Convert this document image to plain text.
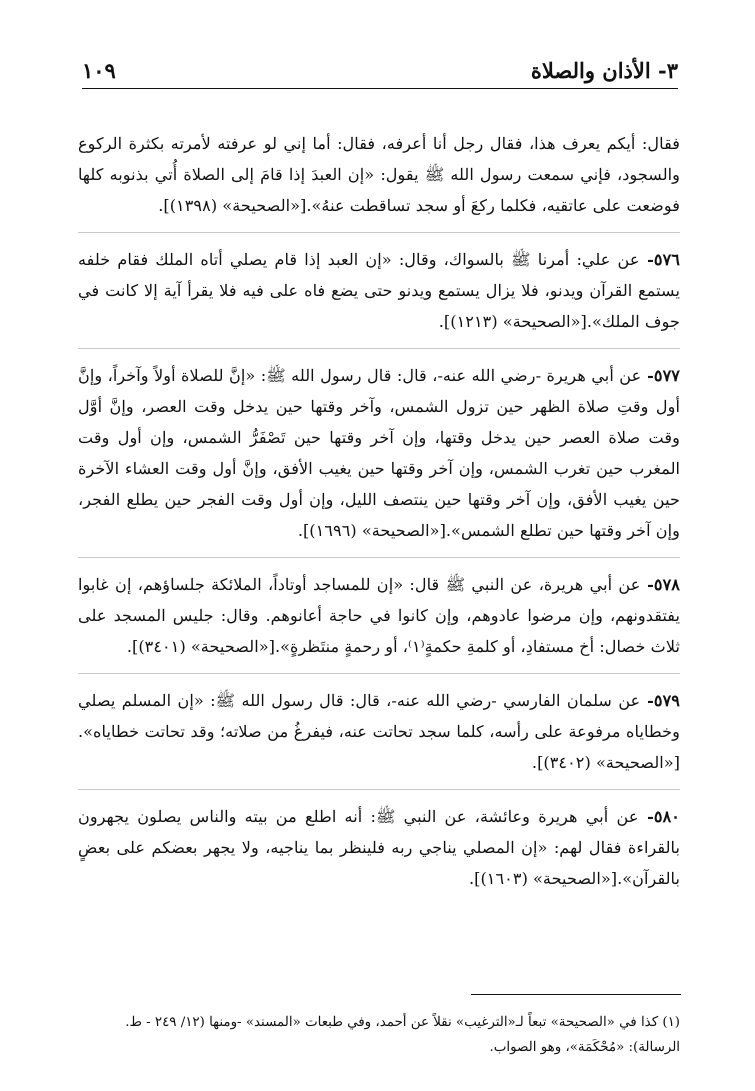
٣- الأذان والصلاة
١٠٩

فقال: أيكم يعرف هذا، فقال رجل أنا أعرفه، فقال: أما إني لو عرفته لأمرته بكثرة الركوع والسجود، فإني سمعت رسول الله ﷺ يقول: «إن العبدَ إذا قامَ إلى الصلاة أُتي بذنوبه كلها فوضعت على عاتقيه، فكلما ركعَ أو سجد تساقطت عنهُ».[«الصحيحة» (١٣٩٨)].

٥٧٦- عن علي: أمرنا ﷺ بالسواك، وقال: «إن العبد إذا قام يصلي أتاه الملك فقام خلفه يستمع القرآن ويدنو، فلا يزال يستمع ويدنو حتى يضع فاه على فيه فلا يقرأ آية إلا كانت في جوف الملك».[«الصحيحة» (١٢١٣)].

٥٧٧- عن أبي هريرة -رضي الله عنه-، قال: قال رسول الله ﷺ: «إنَّ للصلاة أولاً وآخراً، وإنَّ أول وقتِ صلاة الظهر حين تزول الشمس، وآخر وقتها حين يدخل وقت العصر، وإنَّ أوَّل وقت صلاة العصر حين يدخل وقتها، وإن آخر وقتها حين تَصْفَرُّ الشمس، وإن أول وقت المغرب حين تغرب الشمس، وإن آخر وقتها حين يغيب الأفق، وإنَّ أول وقت العشاء الآخرة حين يغيب الأفق، وإن آخر وقتها حين ينتصف الليل، وإن أول وقت الفجر حين يطلع الفجر، وإن آخر وقتها حين تطلع الشمس».[«الصحيحة» (١٦٩٦)].

٥٧٨- عن أبي هريرة، عن النبي ﷺ قال: «إن للمساجد أوتاداً، الملائكة جلساؤهم، إن غابوا يفتقدونهم، وإن مرضوا عادوهم، وإن كانوا في حاجة أعانوهم. وقال: جليس المسجد على ثلاث خصال: أخ مستفادِ، أو كلمةِ حكمةٍ⁽١⁾، أو رحمةٍ منتَظرةٍ».[«الصحيحة» (٣٤٠١)].

٥٧٩- عن سلمان الفارسي -رضي الله عنه-، قال: قال رسول الله ﷺ: «إن المسلم يصلي وخطاياه مرفوعة على رأسه، كلما سجد تحاتت عنه، فيفرغُ من صلاته؛ وقد تحاتت خطاياه».[«الصحيحة» (٣٤٠٢)].

٥٨٠- عن أبي هريرة وعائشة، عن النبي ﷺ: أنه اطلع من بيته والناس يصلون يجهرون بالقراءة فقال لهم: «إن المصلي يناجي ربه فلينظر بما يناجيه، ولا يجهر بعضكم على بعضٍ بالقرآن».[«الصحيحة» (١٦٠٣)].

(١) كذا في «الصحيحة» تبعاً لـ«الترغيب» نقلاً عن أحمد، وفي طبعات «المسند» -ومنها (١٢/ ٢٤٩ - ط. الرسالة): «مُحْكَمَة»، وهو الصواب.
